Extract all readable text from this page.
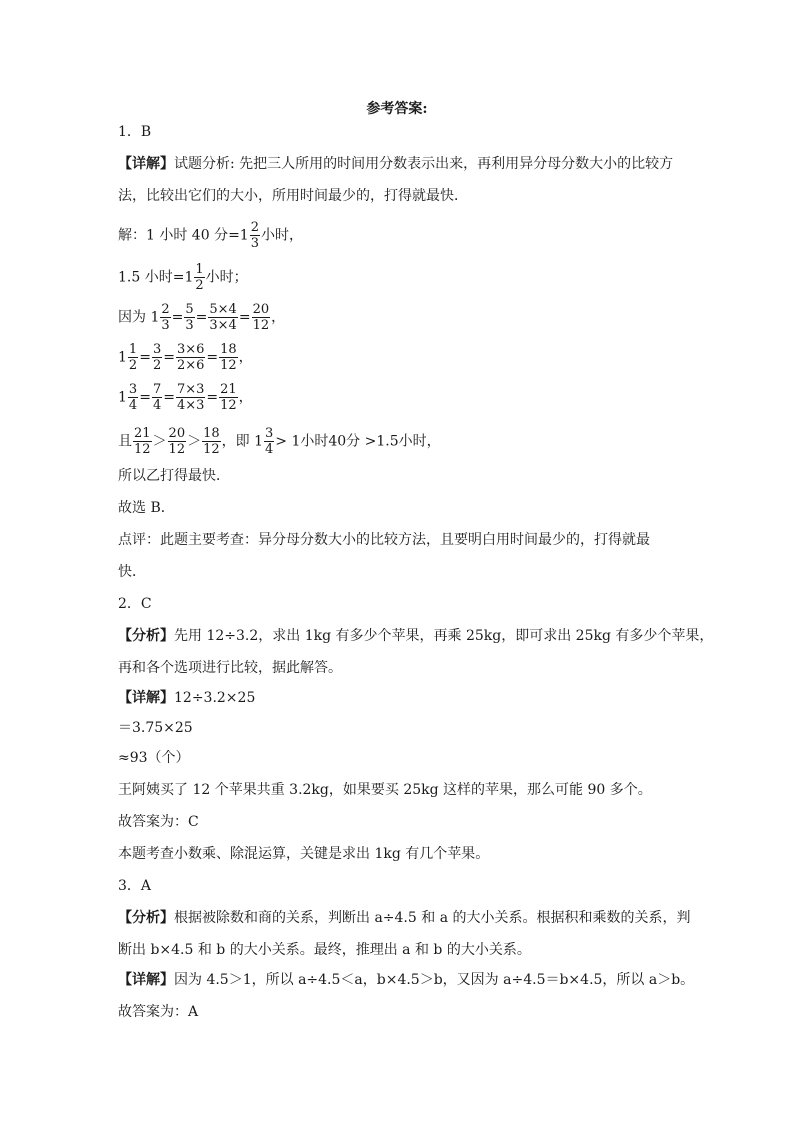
参考答案:
1．B
【详解】试题分析: 先把三人所用的时间用分数表示出来，再利用异分母分数大小的比较方
法，比较出它们的大小，所用时间最少的，打得就最快．
解：1 小时 40 分$=1 \frac{2}{3}$ 小时，
1.5 小时$=1 \frac{1}{2}$ 小时；
因为 $1 \frac{2}{3} = \frac{5}{3} = \frac{5\times 4}{3\times 4} = \frac{20}{12}$ ，
$1 \frac{1}{2} = \frac{3}{2} = \frac{3\times 6}{2\times 6} = \frac{18}{12}$ ，
$1 \frac{3}{4} = \frac{7}{4} = \frac{7\times 3}{4\times 3} = \frac{21}{12}$ ，
且 $\frac{21}{12} > \frac{20}{12} > \frac{18}{12}$ ，即 $1 \frac{3}{4} > 1$小时40分 >1.5小时，
所以乙打得最快．
故选 B．
点评：此题主要考查：异分母分数大小的比较方法，且要明白用时间最少的，打得就最
快．
2．C
【分析】先用 12÷3.2，求出 1kg 有多少个苹果，再乘 25kg，即可求出 25kg 有多少个苹果，
再和各个选项进行比较，据此解答。
【详解】12÷3.2×25
＝3.75×25
≈93（个）
王阿姨买了 12 个苹果共重 3.2kg，如果要买 25kg 这样的苹果，那么可能 90 多个。
故答案为：C
本题考查小数乘、除混运算，关键是求出 1kg 有几个苹果。
3．A
【分析】根据被除数和商的关系，判断出 a÷4.5 和 a 的大小关系。根据积和乘数的关系，判
断出 b×4.5 和 b 的大小关系。最终，推理出 a 和 b 的大小关系。
【详解】因为 4.5＞1，所以 a÷4.5＜a，b×4.5＞b，又因为 a÷4.5＝b×4.5，所以 a＞b。
故答案为：A
